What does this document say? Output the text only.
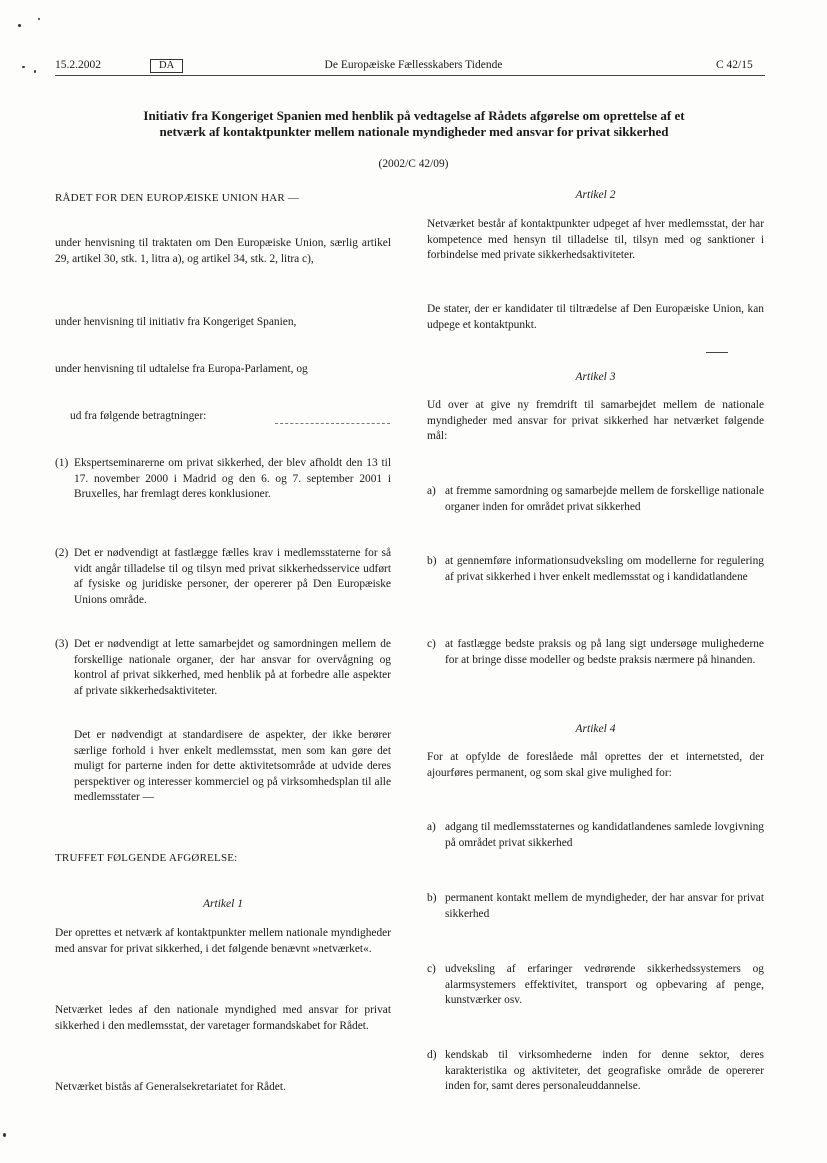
15.2.2002	DA	De Europæiske Fællesskabers Tidende	C 42/15
Initiativ fra Kongeriget Spanien med henblik på vedtagelse af Rådets afgørelse om oprettelse af et
netværk af kontaktpunkter mellem nationale myndigheder med ansvar for privat sikkerhed
(2002/C 42/09)
RÅDET FOR DEN EUROPÆISKE UNION HAR —
under henvisning til traktaten om Den Europæiske Union, særlig artikel 29, artikel 30, stk. 1, litra a), og artikel 34, stk. 2, litra c),
under henvisning til initiativ fra Kongeriget Spanien,
under henvisning til udtalelse fra Europa-Parlament, og
ud fra følgende betragtninger:
(1) Ekspertseminarerne om privat sikkerhed, der blev afholdt den 13 til 17. november 2000 i Madrid og den 6. og 7. september 2001 i Bruxelles, har fremlagt deres konklusioner.
(2) Det er nødvendigt at fastlægge fælles krav i medlemsstaterne for så vidt angår tilladelse til og tilsyn med privat sikkerhedsservice udført af fysiske og juridiske personer, der opererer på Den Europæiske Unions område.
(3) Det er nødvendigt at lette samarbejdet og samordningen mellem de forskellige nationale organer, der har ansvar for overvågning og kontrol af privat sikkerhed, med henblik på at forbedre alle aspekter af private sikkerhedsaktiviteter.
Det er nødvendigt at standardisere de aspekter, der ikke berører særlige forhold i hver enkelt medlemsstat, men som kan gøre det muligt for parterne inden for dette aktivitetsområde at udvide deres perspektiver og interesser kommerciel og på virksomhedsplan til alle medlemsstater —
TRUFFET FØLGENDE AFGØRELSE:
Artikel 1
Der oprettes et netværk af kontaktpunkter mellem nationale myndigheder med ansvar for privat sikkerhed, i det følgende benævnt »netværket«.
Netværket ledes af den nationale myndighed med ansvar for privat sikkerhed i den medlemsstat, der varetager formandskabet for Rådet.
Netværket bistås af Generalsekretariatet for Rådet.
Artikel 2
Netværket består af kontaktpunkter udpeget af hver medlemsstat, der har kompetence med hensyn til tilladelse til, tilsyn med og sanktioner i forbindelse med private sikkerhedsaktiviteter.
De stater, der er kandidater til tiltrædelse af Den Europæiske Union, kan udpege et kontaktpunkt.
Artikel 3
Ud over at give ny fremdrift til samarbejdet mellem de nationale myndigheder med ansvar for privat sikkerhed har netværket følgende mål:
a) at fremme samordning og samarbejde mellem de forskellige nationale organer inden for området privat sikkerhed
b) at gennemføre informationsudveksling om modellerne for regulering af privat sikkerhed i hver enkelt medlemsstat og i kandidatlandene
c) at fastlægge bedste praksis og på lang sigt undersøge mulighederne for at bringe disse modeller og bedste praksis nærmere på hinanden.
Artikel 4
For at opfylde de foreslåede mål oprettes der et internetsted, der ajourføres permanent, og som skal give mulighed for:
a) adgang til medlemsstaternes og kandidatlandenes samlede lovgivning på området privat sikkerhed
b) permanent kontakt mellem de myndigheder, der har ansvar for privat sikkerhed
c) udveksling af erfaringer vedrørende sikkerhedssystemers og alarmsystemers effektivitet, transport og opbevaring af penge, kunstværker osv.
d) kendskab til virksomhederne inden for denne sektor, deres karakteristika og aktiviteter, det geografiske område de opererer inden for, samt deres personaleuddannelse.
